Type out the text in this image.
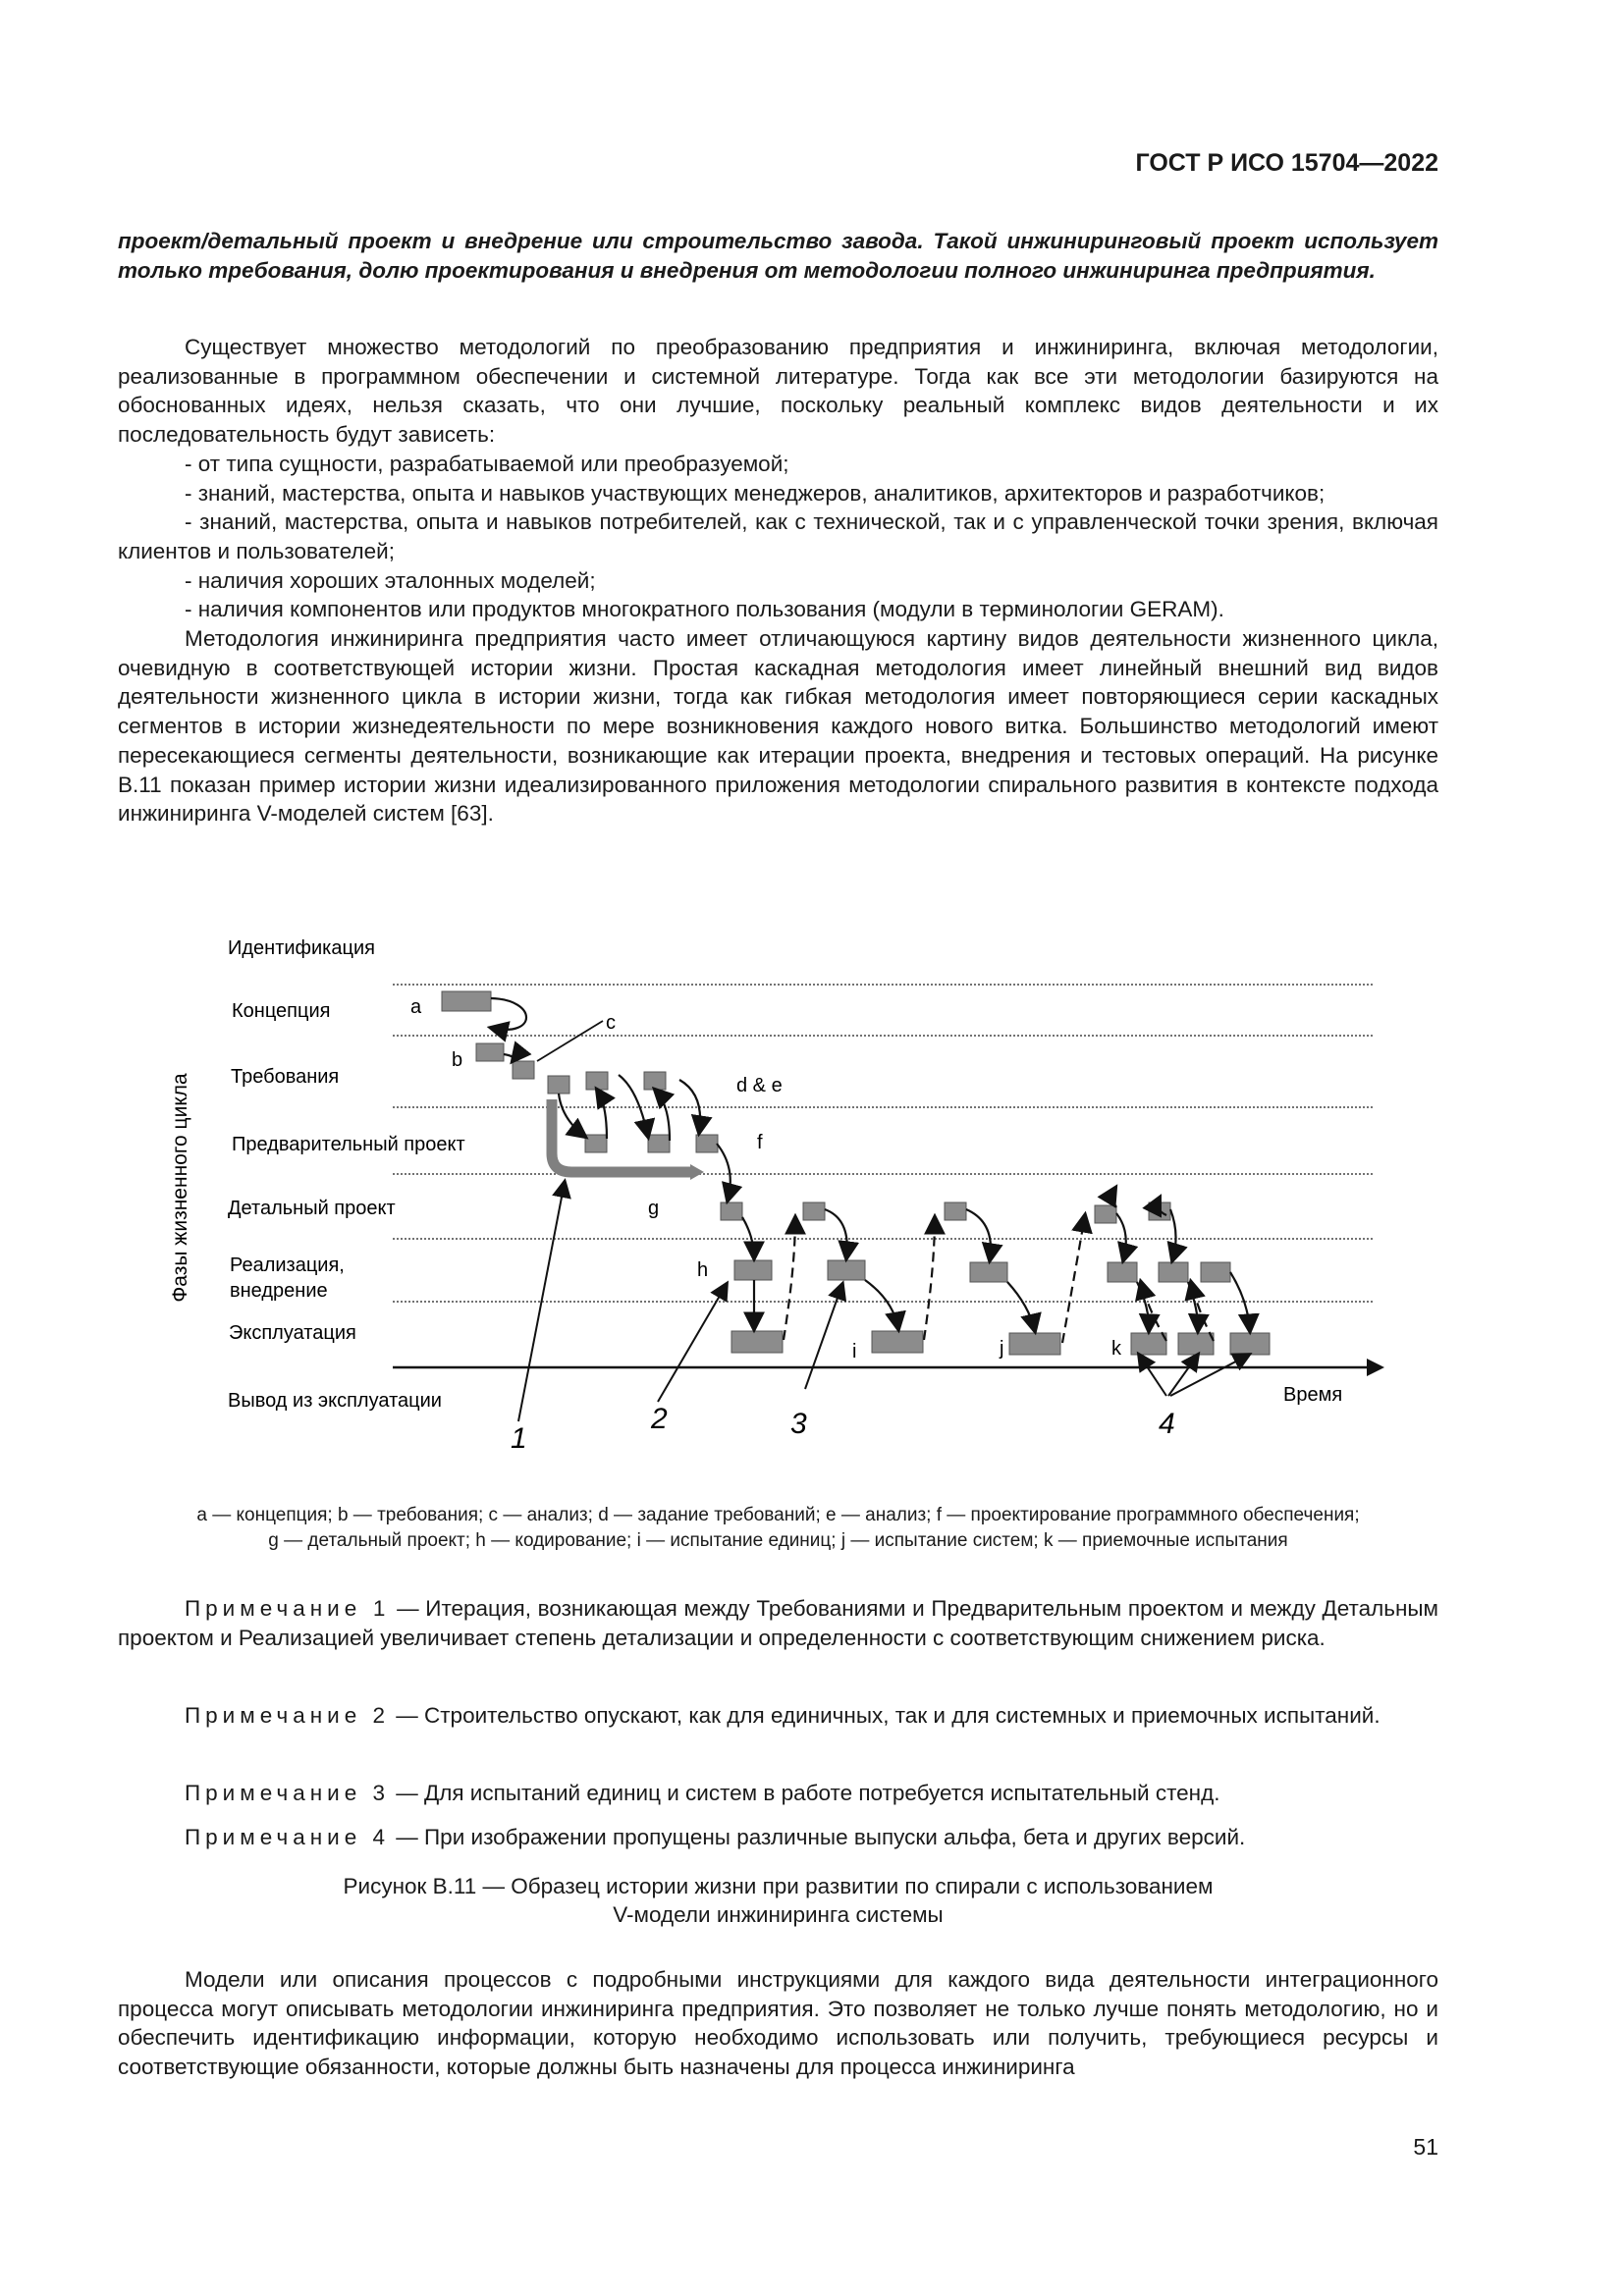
ГОСТ Р ИСО 15704—2022

проект/детальный проект и внедрение или строительство завода. Такой инжиниринговый проект использует только требования, долю проектирования и внедрения от методологии полного инжиниринга предприятия.

Существует множество методологий по преобразованию предприятия и инжиниринга, включая методологии, реализованные в программном обеспечении и системной литературе. Тогда как все эти методологии базируются на обоснованных идеях, нельзя сказать, что они лучшие, поскольку реальный комплекс видов деятельности и их последовательность будут зависеть:

- от типа сущности, разрабатываемой или преобразуемой;

- знаний, мастерства, опыта и навыков участвующих менеджеров, аналитиков, архитекторов и разработчиков;

- знаний, мастерства, опыта и навыков потребителей, как с технической, так и с управленческой точки зрения, включая клиентов и пользователей;

- наличия хороших эталонных моделей;

- наличия компонентов или продуктов многократного пользования (модули в терминологии GERAM).

Методология инжиниринга предприятия часто имеет отличающуюся картину видов деятельности жизненного цикла, очевидную в соответствующей истории жизни. Простая каскадная методология имеет линейный внешний вид видов деятельности жизненного цикла в истории жизни, тогда как гибкая методология имеет повторяющиеся серии каскадных сегментов в истории жизнедеятельности по мере возникновения каждого нового витка. Большинство методологий имеют пересекающиеся сегменты деятельности, возникающие как итерации проекта, внедрения и тестовых операций. На рисунке В.11 показан пример истории жизни идеализированного приложения методологии спирального развития в контексте подхода инжиниринга V-моделей систем [63].

Фазы жизненного цикла
Идентификация
Концепция
Требования
Предварительный проект
Детальный проект
Реализация,
внедрение
Эксплуатация
Вывод из эксплуатации	Время
a
b
c
d & e
f
g
h
i	j	k
1
2	3	4
a — концепция; b — требования; c — анализ; d — задание требований; e — анализ; f — проектирование программного обеспечения;
g — детальный проект; h — кодирование; i — испытание единиц; j — испытание систем; k — приемочные испытания
Примечание 1 — Итерация, возникающая между Требованиями и Предварительным проектом и между Детальным проектом и Реализацией увеличивает степень детализации и определенности с соответствующим снижением риска.
Примечание 2 — Строительство опускают, как для единичных, так и для системных и приемочных испытаний.
Примечание 3 — Для испытаний единиц и систем в работе потребуется испытательный стенд.
Примечание 4 — При изображении пропущены различные выпуски альфа, бета и других версий.
Рисунок В.11 — Образец истории жизни при развитии по спирали с использованием
V-модели инжиниринга системы
Модели или описания процессов с подробными инструкциями для каждого вида деятельности интеграционного процесса могут описывать методологии инжиниринга предприятия. Это позволяет не только лучше понять методологию, но и обеспечить идентификацию информации, которую необходимо использовать или получить, требующиеся ресурсы и соответствующие обязанности, которые должны быть назначены для процесса инжиниринга
51
